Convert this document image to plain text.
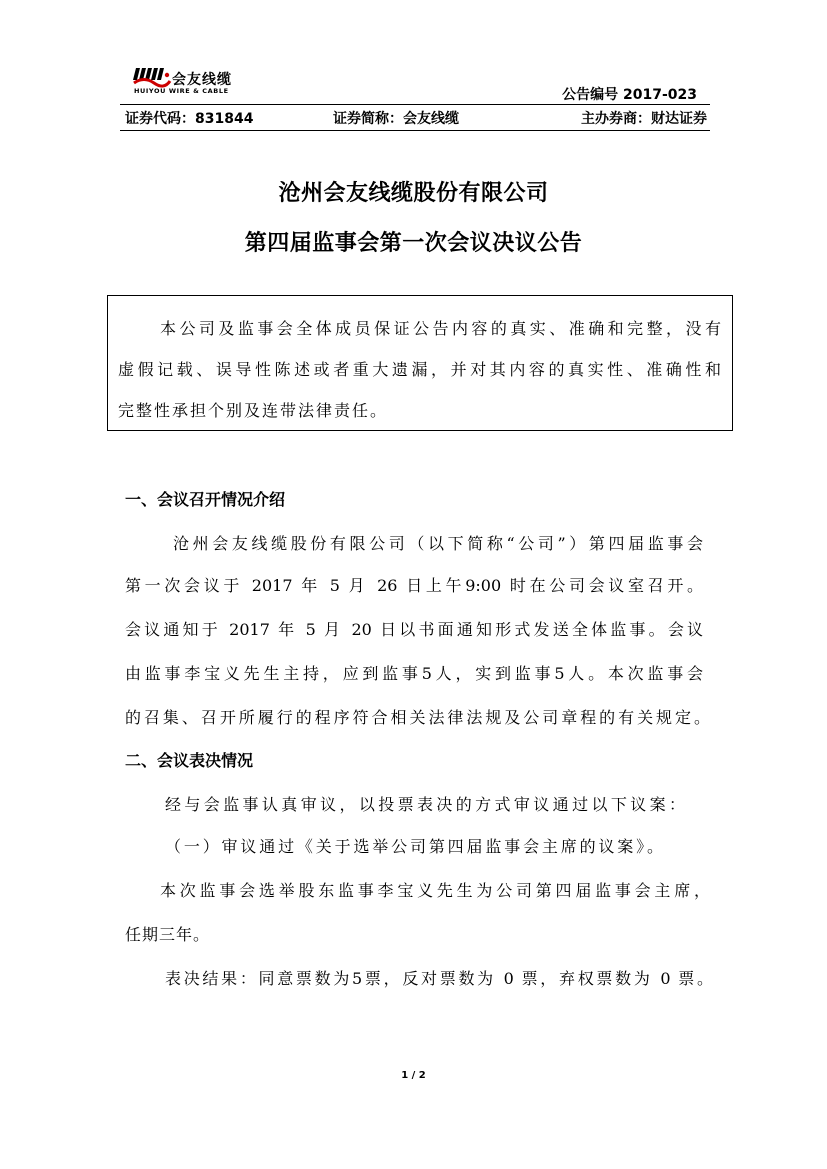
会友线缆
HUIYOU WIRE & CABLE	公告编号 2017-023
证券代码：831844	证券简称：会友线缆	主办券商：财达证券
沧州会友线缆股份有限公司
第四届监事会第一次会议决议公告
本公司及监事会全体成员保证公告内容的真实、准确和完整，没有
虚假记载、误导性陈述或者重大遗漏，并对其内容的真实性、准确性和
完整性承担个别及连带法律责任。
一、会议召开情况介绍
沧州会友线缆股份有限公司（以下简称“公司”）第四届监事会
第一次会议于 2017 年 5 月 26 日上午9:00 时在公司会议室召开。
会议通知于 2017 年 5 月 20 日以书面通知形式发送全体监事。会议
由监事李宝义先生主持，应到监事5人，实到监事5人。本次监事会
的召集、召开所履行的程序符合相关法律法规及公司章程的有关规定。
二、会议表决情况
经与会监事认真审议，以投票表决的方式审议通过以下议案：
（一）审议通过《关于选举公司第四届监事会主席的议案》。
本次监事会选举股东监事李宝义先生为公司第四届监事会主席，
任期三年。
表决结果：同意票数为5票，反对票数为 0 票，弃权票数为 0 票。
1 / 2
